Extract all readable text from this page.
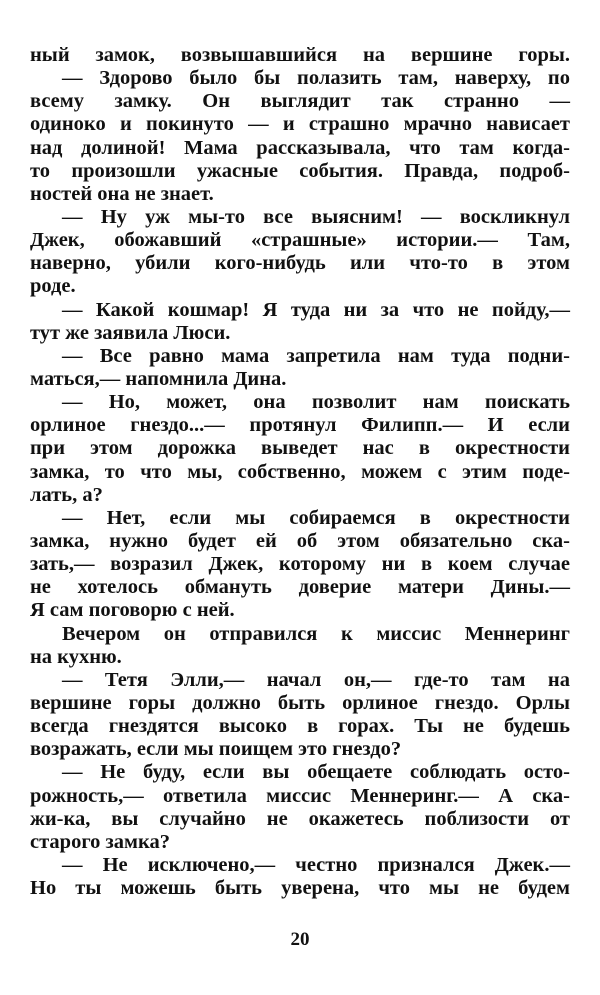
ный замок, возвышавшийся на вершине горы.
— Здорово было бы полазить там, наверху, по
всему замку. Он выглядит так странно —
одиноко и покинуто — и страшно мрачно нависает
над долиной! Мама рассказывала, что там когда-
то произошли ужасные события. Правда, подроб-
ностей она не знает.
— Ну уж мы-то все выясним! — воскликнул
Джек, обожавший «страшные» истории.— Там,
наверно, убили кого-нибудь или что-то в этом
роде.
— Какой кошмар! Я туда ни за что не пойду,—
тут же заявила Люси.
— Все равно мама запретила нам туда подни-
маться,— напомнила Дина.
— Но, может, она позволит нам поискать
орлиное гнездо...— протянул Филипп.— И если
при этом дорожка выведет нас в окрестности
замка, то что мы, собственно, можем с этим поде-
лать, а?
— Нет, если мы собираемся в окрестности
замка, нужно будет ей об этом обязательно ска-
зать,— возразил Джек, которому ни в коем случае
не хотелось обмануть доверие матери Дины.—
Я сам поговорю с ней.
Вечером он отправился к миссис Меннеринг
на кухню.
— Тетя Элли,— начал он,— где-то там на
вершине горы должно быть орлиное гнездо. Орлы
всегда гнездятся высоко в горах. Ты не будешь
возражать, если мы поищем это гнездо?
— Не буду, если вы обещаете соблюдать осто-
рожность,— ответила миссис Меннеринг.— А ска-
жи-ка, вы случайно не окажетесь поблизости от
старого замка?
— Не исключено,— честно признался Джек.—
Но ты можешь быть уверена, что мы не будем
20
